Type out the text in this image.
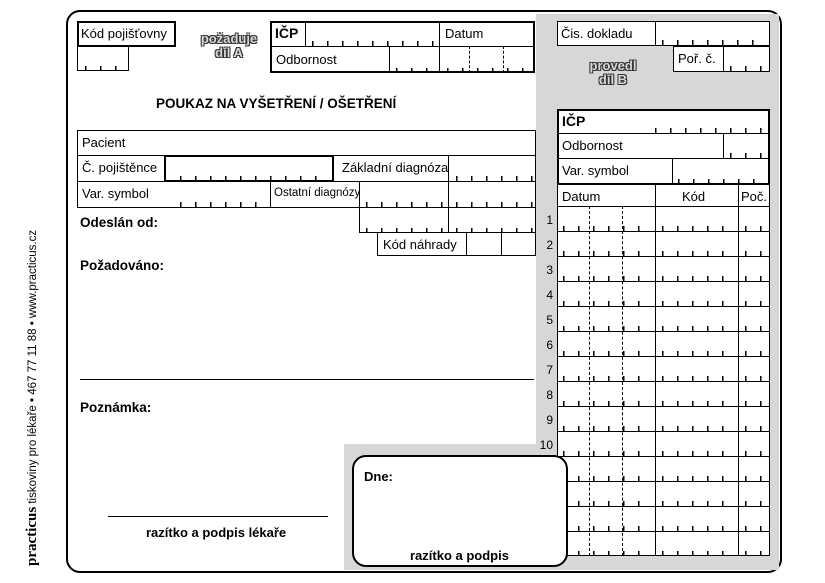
practicus tiskoviny pro lékaře • 467 77 11 88 • www.practicus.cz
Kód pojišťovny	požaduje
díl A
IČP	Datum
Odbornost
POUKAZ NA VYŠETŘENÍ / OŠETŘENÍ
Pacient
Č. pojištěnce	Základní diagnóza
Var. symbol	Ostatní diagnózy
Odeslán od:
Kód náhrady
Požadováno:
Poznámka:
razítko a podpis lékaře
Čis. dokladu
provedl
díl B
Poř. č.
IČP
Odbornost
Var. symbol
Datum	Kód	Poč.
1
2
3
4
5
6
7
8
9
10
Dne:
razítko a podpis
